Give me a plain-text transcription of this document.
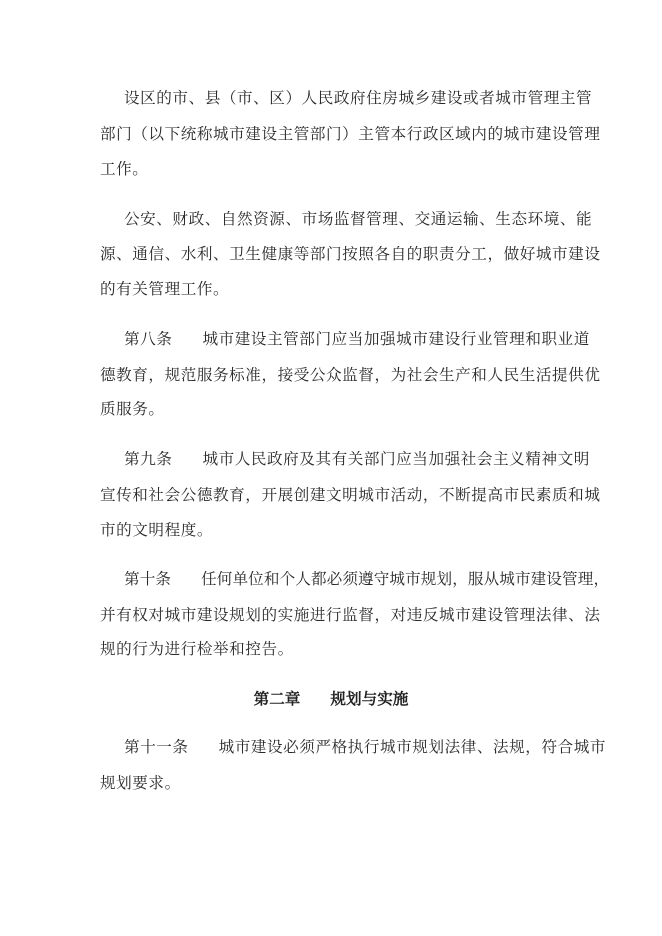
设区的市、县（市、区）人民政府住房城乡建设或者城市管理主管
部门（以下统称城市建设主管部门）主管本行政区域内的城市建设管理
工作。
公安、财政、自然资源、市场监督管理、交通运输、生态环境、能
源、通信、水利、卫生健康等部门按照各自的职责分工，做好城市建设
的有关管理工作。
第八条 城市建设主管部门应当加强城市建设行业管理和职业道
德教育，规范服务标准，接受公众监督，为社会生产和人民生活提供优
质服务。
第九条 城市人民政府及其有关部门应当加强社会主义精神文明
宣传和社会公德教育，开展创建文明城市活动，不断提高市民素质和城
市的文明程度。
第十条 任何单位和个人都必须遵守城市规划，服从城市建设管理，
并有权对城市建设规划的实施进行监督，对违反城市建设管理法律、法
规的行为进行检举和控告。
第二章 规划与实施
第十一条 城市建设必须严格执行城市规划法律、法规，符合城市
规划要求。
